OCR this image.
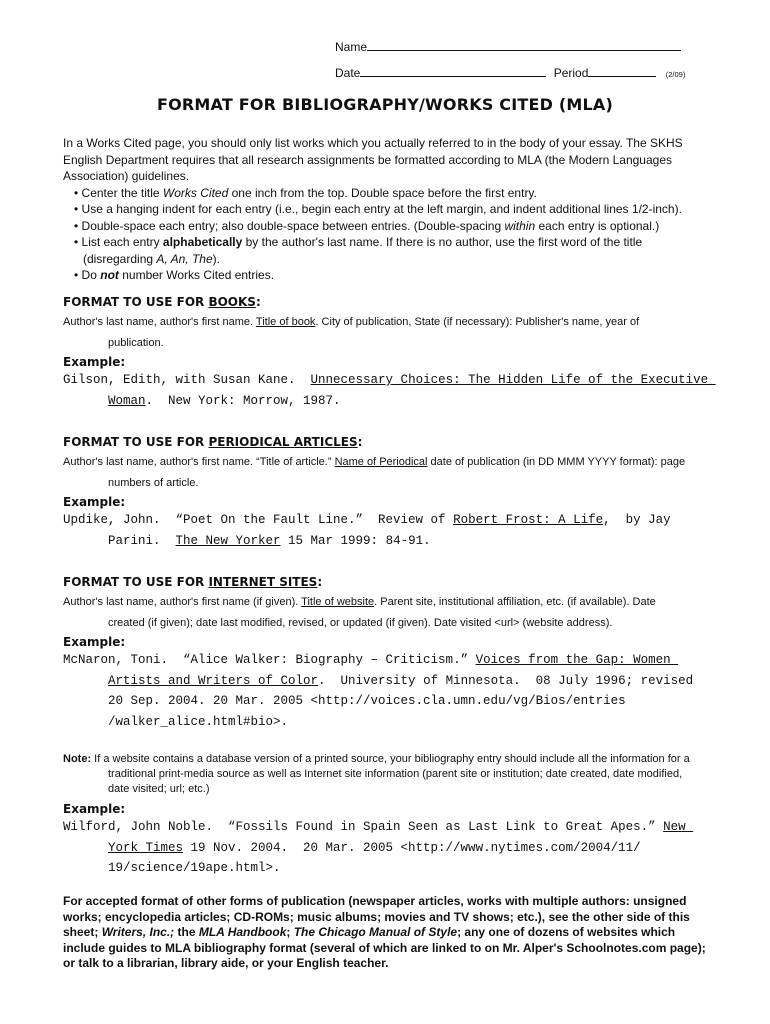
Name
Date	Period	(2/09)
FORMAT FOR BIBLIOGRAPHY/WORKS CITED (MLA)
In a Works Cited page, you should only list works which you actually referred to in the body of your essay. The SKHS English Department requires that all research assignments be formatted according to MLA (the Modern Languages Association) guidelines.
• Center the title Works Cited one inch from the top. Double space before the first entry.
• Use a hanging indent for each entry (i.e., begin each entry at the left margin, and indent additional lines 1/2-inch).
• Double-space each entry; also double-space between entries. (Double-spacing within each entry is optional.)
• List each entry alphabetically by the author's last name. If there is no author, use the first word of the title
(disregarding A, An, The).
• Do not number Works Cited entries.

FORMAT TO USE FOR BOOKS:

Author's last name, author's first name. Title of book. City of publication, State (if necessary): Publisher's name, year of
publication.

Example:

Gilson, Edith, with Susan Kane.  Unnecessary Choices: The Hidden Life of the Executive
Woman.  New York: Morrow, 1987.

FORMAT TO USE FOR PERIODICAL ARTICLES:

Author's last name, author's first name. “Title of article.” Name of Periodical date of publication (in DD MMM YYYY format): page
numbers of article.

Example:

Updike, John.  “Poet On the Fault Line.”  Review of Robert Frost: A Life,  by Jay
Parini.  The New Yorker 15 Mar 1999: 84-91.

FORMAT TO USE FOR INTERNET SITES:

Author's last name, author's first name (if given). Title of website. Parent site, institutional affiliation, etc. (if available). Date
created (if given); date last modified, revised, or updated (if given). Date visited <url> (website address).

Example:

McNaron, Toni.  “Alice Walker: Biography – Criticism.” Voices from the Gap: Women
Artists and Writers of Color.  University of Minnesota.  08 July 1996; revised
20 Sep. 2004. 20 Mar. 2005 <http://voices.cla.umn.edu/vg/Bios/entries
/walker_alice.html#bio>.

Note: If a website contains a database version of a printed source, your bibliography entry should include all the information for a
traditional print-media source as well as Internet site information (parent site or institution; date created, date modified,
date visited; url; etc.)

Example:

Wilford, John Noble.  “Fossils Found in Spain Seen as Last Link to Great Apes.” New
York Times 19 Nov. 2004.  20 Mar. 2005 <http://www.nytimes.com/2004/11/
19/science/19ape.html>.

For accepted format of other forms of publication (newspaper articles, works with multiple authors: unsigned works; encyclopedia articles; CD-ROMs; music albums; movies and TV shows; etc.), see the other side of this sheet; Writers, Inc.; the MLA Handbook; The Chicago Manual of Style; any one of dozens of websites which include guides to MLA bibliography format (several of which are linked to on Mr. Alper's Schoolnotes.com page); or talk to a librarian, library aide, or your English teacher.
